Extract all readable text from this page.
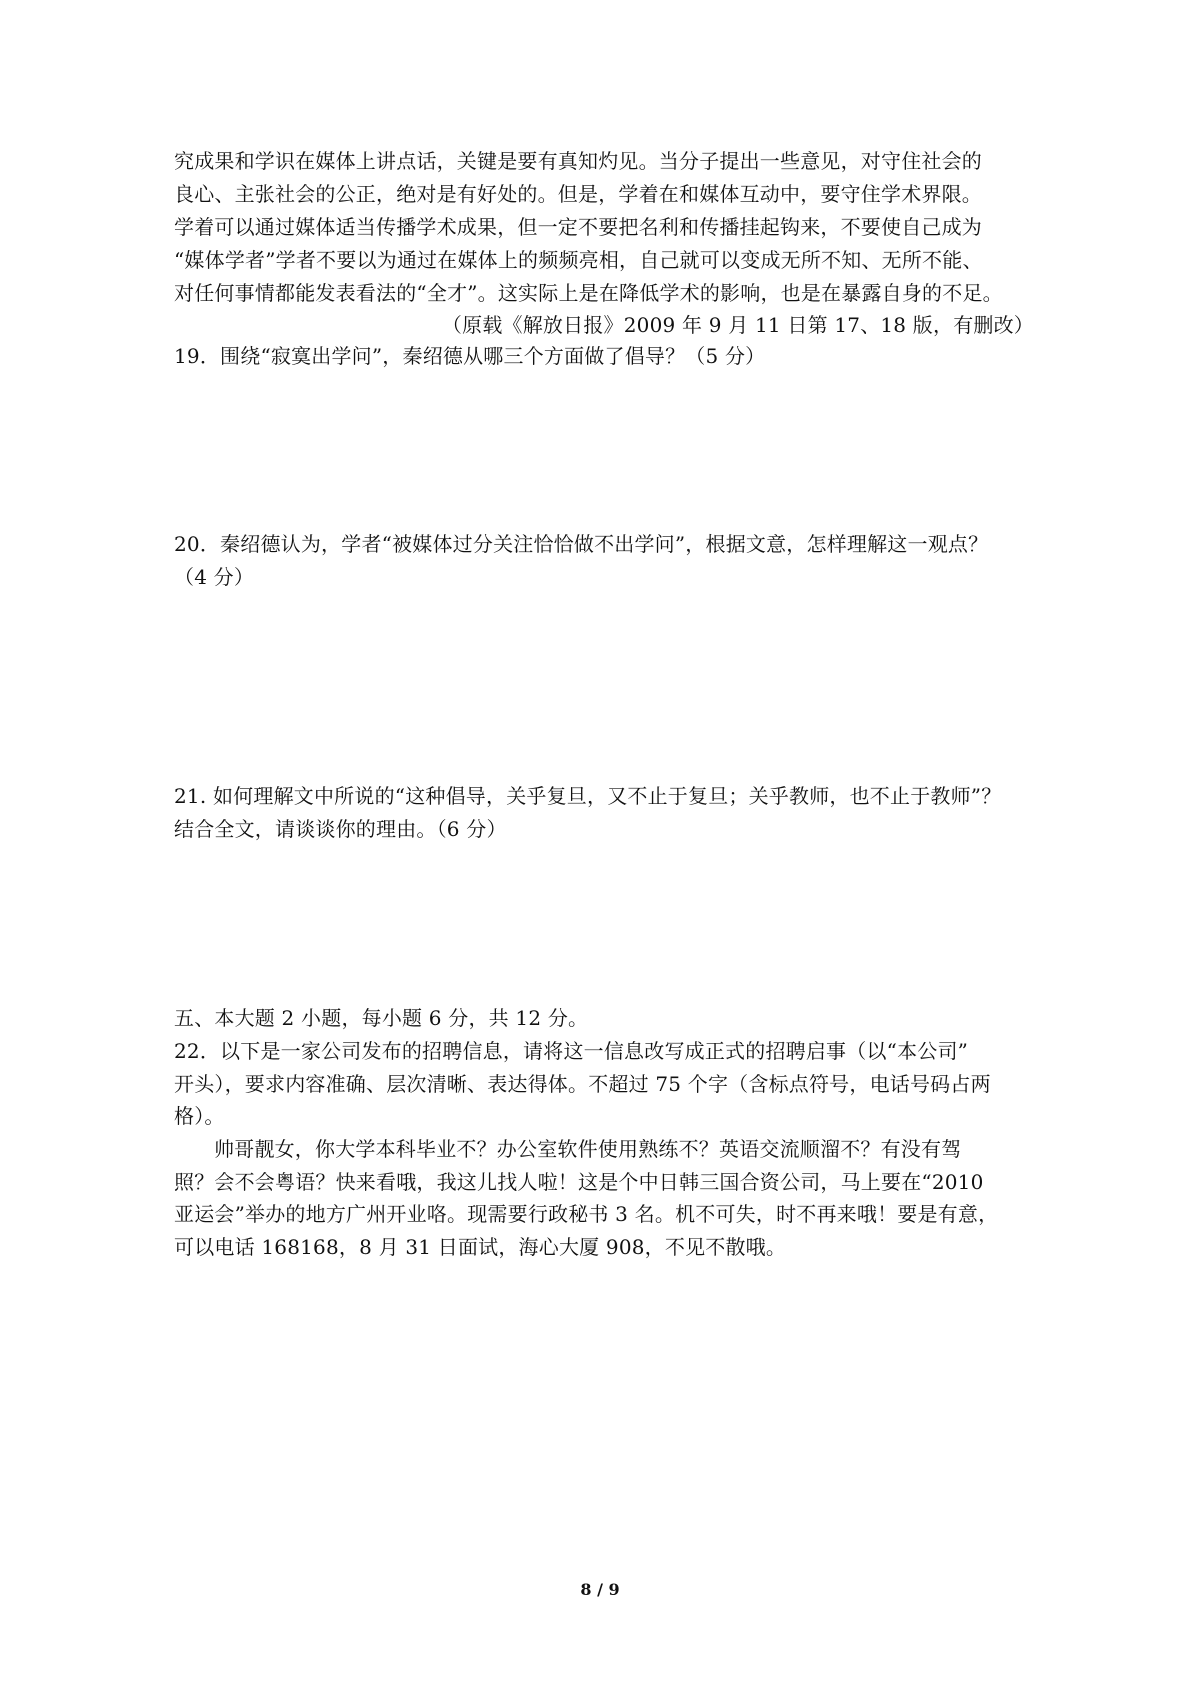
究成果和学识在媒体上讲点话，关键是要有真知灼见。当分子提出一些意见，对守住社会的
良心、主张社会的公正，绝对是有好处的。但是，学着在和媒体互动中，要守住学术界限。
学着可以通过媒体适当传播学术成果，但一定不要把名利和传播挂起钩来，不要使自己成为
“媒体学者”学者不要以为通过在媒体上的频频亮相，自己就可以变成无所不知、无所不能、
对任何事情都能发表看法的“全才”。这实际上是在降低学术的影响，也是在暴露自身的不足。
（原载《解放日报》2009 年 9 月 11 日第 17、18 版，有删改）
19．围绕“寂寞出学问”，秦绍德从哪三个方面做了倡导？（5 分）
20．秦绍德认为，学者“被媒体过分关注恰恰做不出学问”，根据文意，怎样理解这一观点？
（4 分）
21. 如何理解文中所说的“这种倡导，关乎复旦，又不止于复旦；关乎教师，也不止于教师”？
结合全文，请谈谈你的理由。（6 分）
五、本大题 2 小题，每小题 6 分，共 12 分。
22．以下是一家公司发布的招聘信息，请将这一信息改写成正式的招聘启事（以“本公司”
开头），要求内容准确、层次清晰、表达得体。不超过 75 个字（含标点符号，电话号码占两
格）。
帅哥靓女，你大学本科毕业不？办公室软件使用熟练不？英语交流顺溜不？有没有驾
照？会不会粤语？快来看哦，我这儿找人啦！这是个中日韩三国合资公司，马上要在“2010
亚运会”举办的地方广州开业咯。现需要行政秘书 3 名。机不可失，时不再来哦！要是有意，
可以电话 168168，8 月 31 日面试，海心大厦 908，不见不散哦。
8 / 9
